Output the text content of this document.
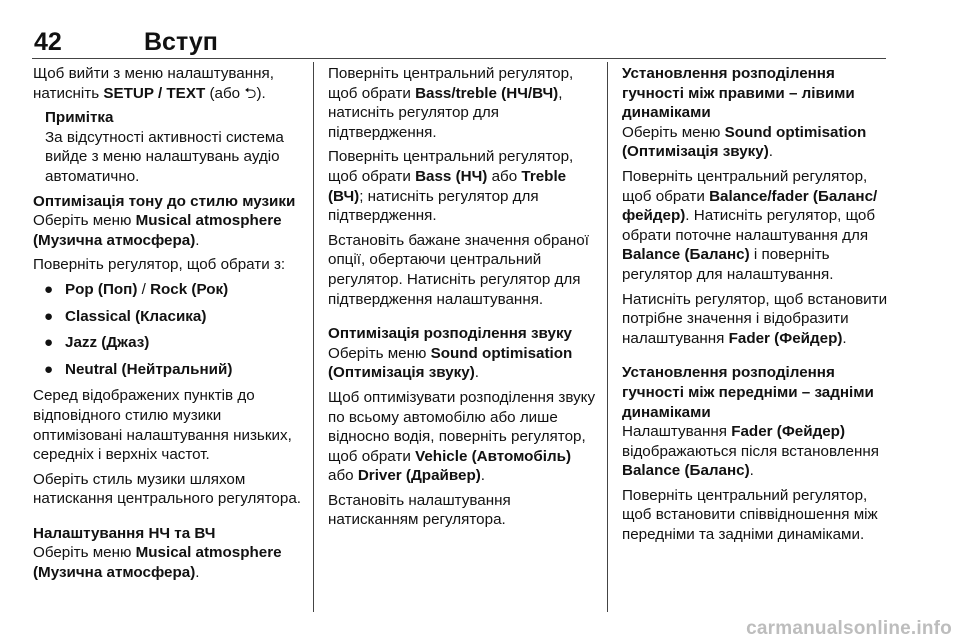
42	Вступ

Щоб вийти з меню налаштування, натисніть SETUP / TEXT (або ⮌).

Примітка
За відсутності активності система вийде з меню налаштувань аудіо автоматично.

Оптимізація тону до стилю музики

Оберіть меню Musical atmosphere (Музична атмосфера).

Поверніть регулятор, щоб обрати з:

● Pop (Поп) / Rock (Рок)
● Classical (Класика)
● Jazz (Джаз)
● Neutral (Нейтральний)

Серед відображених пунктів до відповідного стилю музики оптимізовані налаштування низьких, середніх і верхніх частот.

Оберіть стиль музики шляхом натискання центрального регулятора.

Налаштування НЧ та ВЧ

Оберіть меню Musical atmosphere (Музична атмосфера).

Поверніть центральний регулятор, щоб обрати Bass/treble (НЧ/ВЧ), натисніть регулятор для підтвердження.

Поверніть центральний регулятор, щоб обрати Bass (НЧ) або Treble (ВЧ); натисніть регулятор для підтвердження.

Встановіть бажане значення обраної опції, обертаючи центральний регулятор. Натисніть регулятор для підтвердження налаштування.

Оптимізація розподілення звуку

Оберіть меню Sound optimisation (Оптимізація звуку).

Щоб оптимізувати розподілення звуку по всьому автомобілю або лише відносно водія, поверніть регулятор, щоб обрати Vehicle (Автомобіль) або Driver (Драйвер).

Встановіть налаштування натисканням регулятора.

Установлення розподілення гучності між правими – лівими динаміками

Оберіть меню Sound optimisation (Оптимізація звуку).

Поверніть центральний регулятор, щоб обрати Balance/fader (Баланс/фейдер). Натисніть регулятор, щоб обрати поточне налаштування для Balance (Баланс) і поверніть регулятор для налаштування.

Натисніть регулятор, щоб встановити потрібне значення і відобразити налаштування Fader (Фейдер).

Установлення розподілення гучності між передніми – задніми динаміками

Налаштування Fader (Фейдер) відображаються після встановлення Balance (Баланс).

Поверніть центральний регулятор, щоб встановити співвідношення між передніми та задніми динаміками.

carmanualsonline.info
